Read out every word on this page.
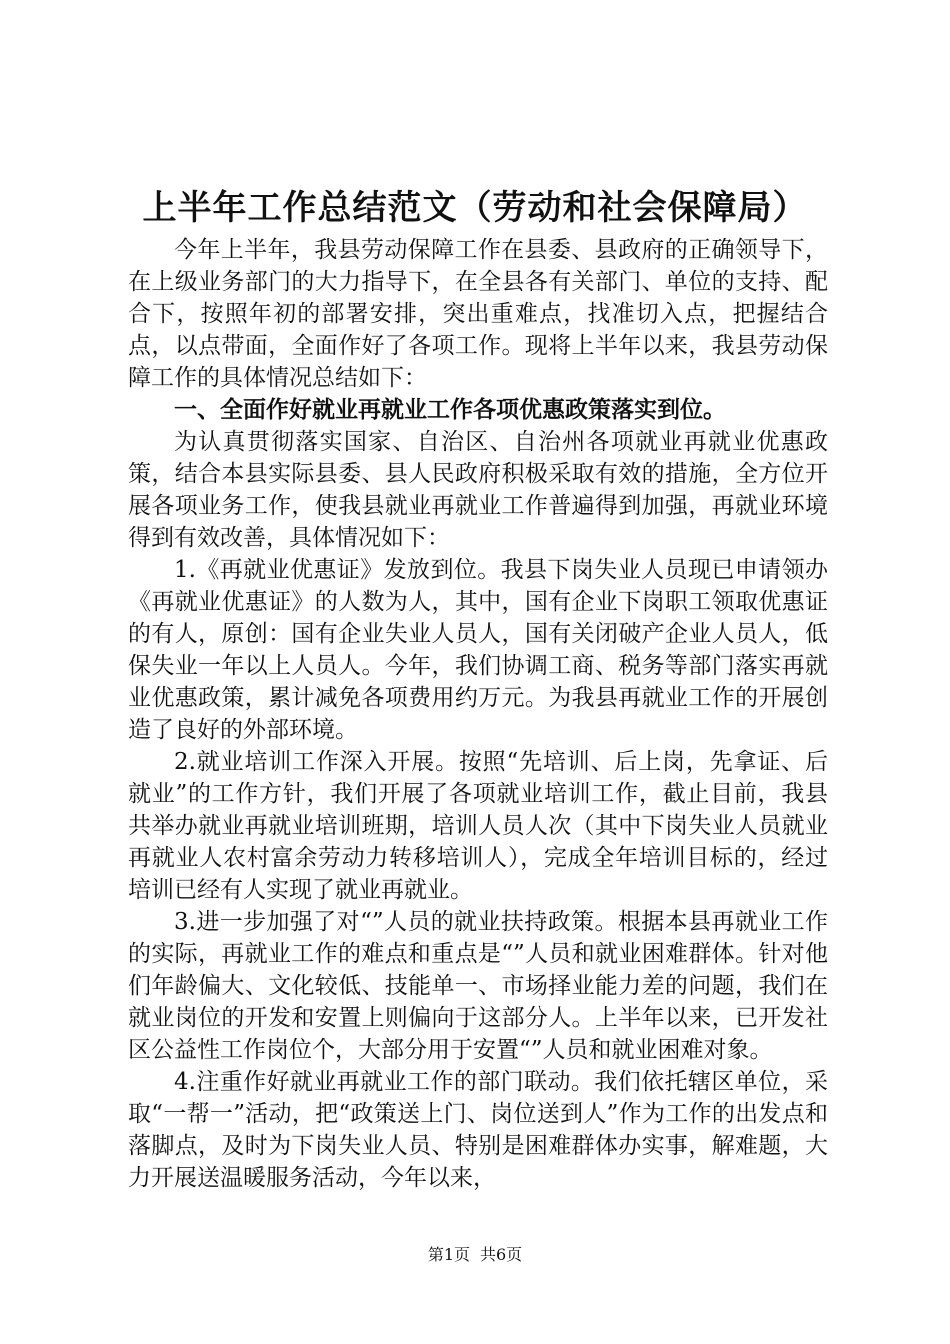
上半年工作总结范文（劳动和社会保障局）

今年上半年，我县劳动保障工作在县委、县政府的正确领导下，在上级业务部门的大力指导下，在全县各有关部门、单位的支持、配合下，按照年初的部署安排，突出重难点，找准切入点，把握结合点，以点带面，全面作好了各项工作。现将上半年以来，我县劳动保障工作的具体情况总结如下：

一、全面作好就业再就业工作各项优惠政策落实到位。

为认真贯彻落实国家、自治区、自治州各项就业再就业优惠政策，结合本县实际县委、县人民政府积极采取有效的措施，全方位开展各项业务工作，使我县就业再就业工作普遍得到加强，再就业环境得到有效改善，具体情况如下：

1.《再就业优惠证》发放到位。我县下岗失业人员现已申请领办《再就业优惠证》的人数为人，其中，国有企业下岗职工领取优惠证的有人，原创：国有企业失业人员人，国有关闭破产企业人员人，低保失业一年以上人员人。今年，我们协调工商、税务等部门落实再就业优惠政策，累计减免各项费用约万元。为我县再就业工作的开展创造了良好的外部环境。

2.就业培训工作深入开展。按照“先培训、后上岗，先拿证、后就业”的工作方针，我们开展了各项就业培训工作，截止目前，我县共举办就业再就业培训班期，培训人员人次（其中下岗失业人员就业再就业人农村富余劳动力转移培训人），完成全年培训目标的，经过培训已经有人实现了就业再就业。

3.进一步加强了对“”人员的就业扶持政策。根据本县再就业工作的实际，再就业工作的难点和重点是“”人员和就业困难群体。针对他们年龄偏大、文化较低、技能单一、市场择业能力差的问题，我们在就业岗位的开发和安置上则偏向于这部分人。上半年以来，已开发社区公益性工作岗位个，大部分用于安置“”人员和就业困难对象。

4.注重作好就业再就业工作的部门联动。我们依托辖区单位，采取“一帮一”活动，把“政策送上门、岗位送到人”作为工作的出发点和落脚点，及时为下岗失业人员、特别是困难群体办实事，解难题，大力开展送温暖服务活动，今年以来，

第1页 共6页
